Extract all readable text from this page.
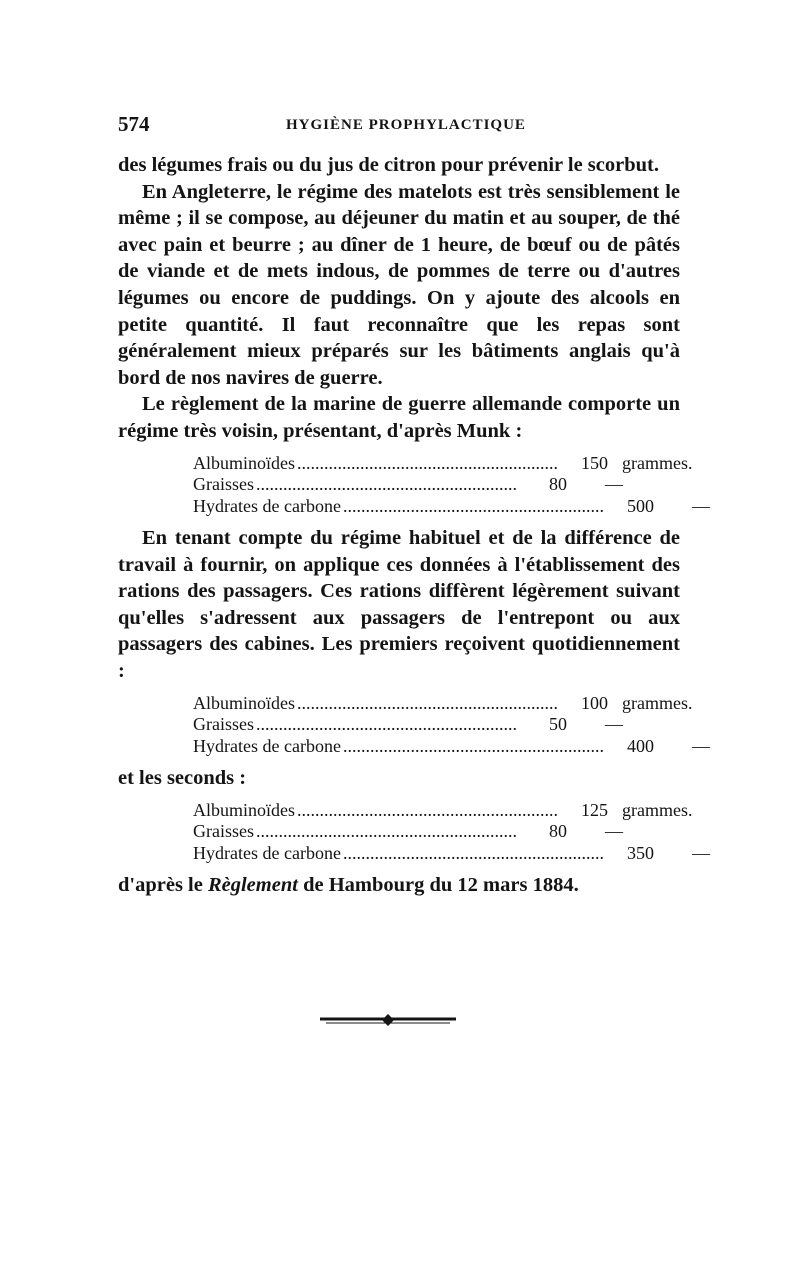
574	HYGIÈNE PROPHYLACTIQUE

des légumes frais ou du jus de citron pour prévenir le scorbut.

En Angleterre, le régime des matelots est très sensiblement le même ; il se compose, au déjeuner du matin et au souper, de thé avec pain et beurre ; au dîner de 1 heure, de bœuf ou de pâtés de viande et de mets indous, de pommes de terre ou d'autres légumes ou encore de puddings. On y ajoute des alcools en petite quantité. Il faut reconnaître que les repas sont généralement mieux préparés sur les bâtiments anglais qu'à bord de nos navires de guerre.

Le règlement de la marine de guerre allemande comporte un régime très voisin, présentant, d'après Munk :

Albuminoïdes ..........................................................	150 grammes.
Graisses ..........................................................	80	—
Hydrates de carbone ..........................................................	500	—

En tenant compte du régime habituel et de la différence de travail à fournir, on applique ces données à l'établissement des rations des passagers. Ces rations diffèrent légèrement suivant qu'elles s'adressent aux passagers de l'entrepont ou aux passagers des cabines. Les premiers reçoivent quotidiennement :

Albuminoïdes ..........................................................	100 grammes.
Graisses ..........................................................	50	—
Hydrates de carbone ..........................................................	400	—

et les seconds :

Albuminoïdes ..........................................................	125 grammes.
Graisses ..........................................................	80	—
Hydrates de carbone ..........................................................	350	—

d'après le Règlement de Hambourg du 12 mars 1884.
